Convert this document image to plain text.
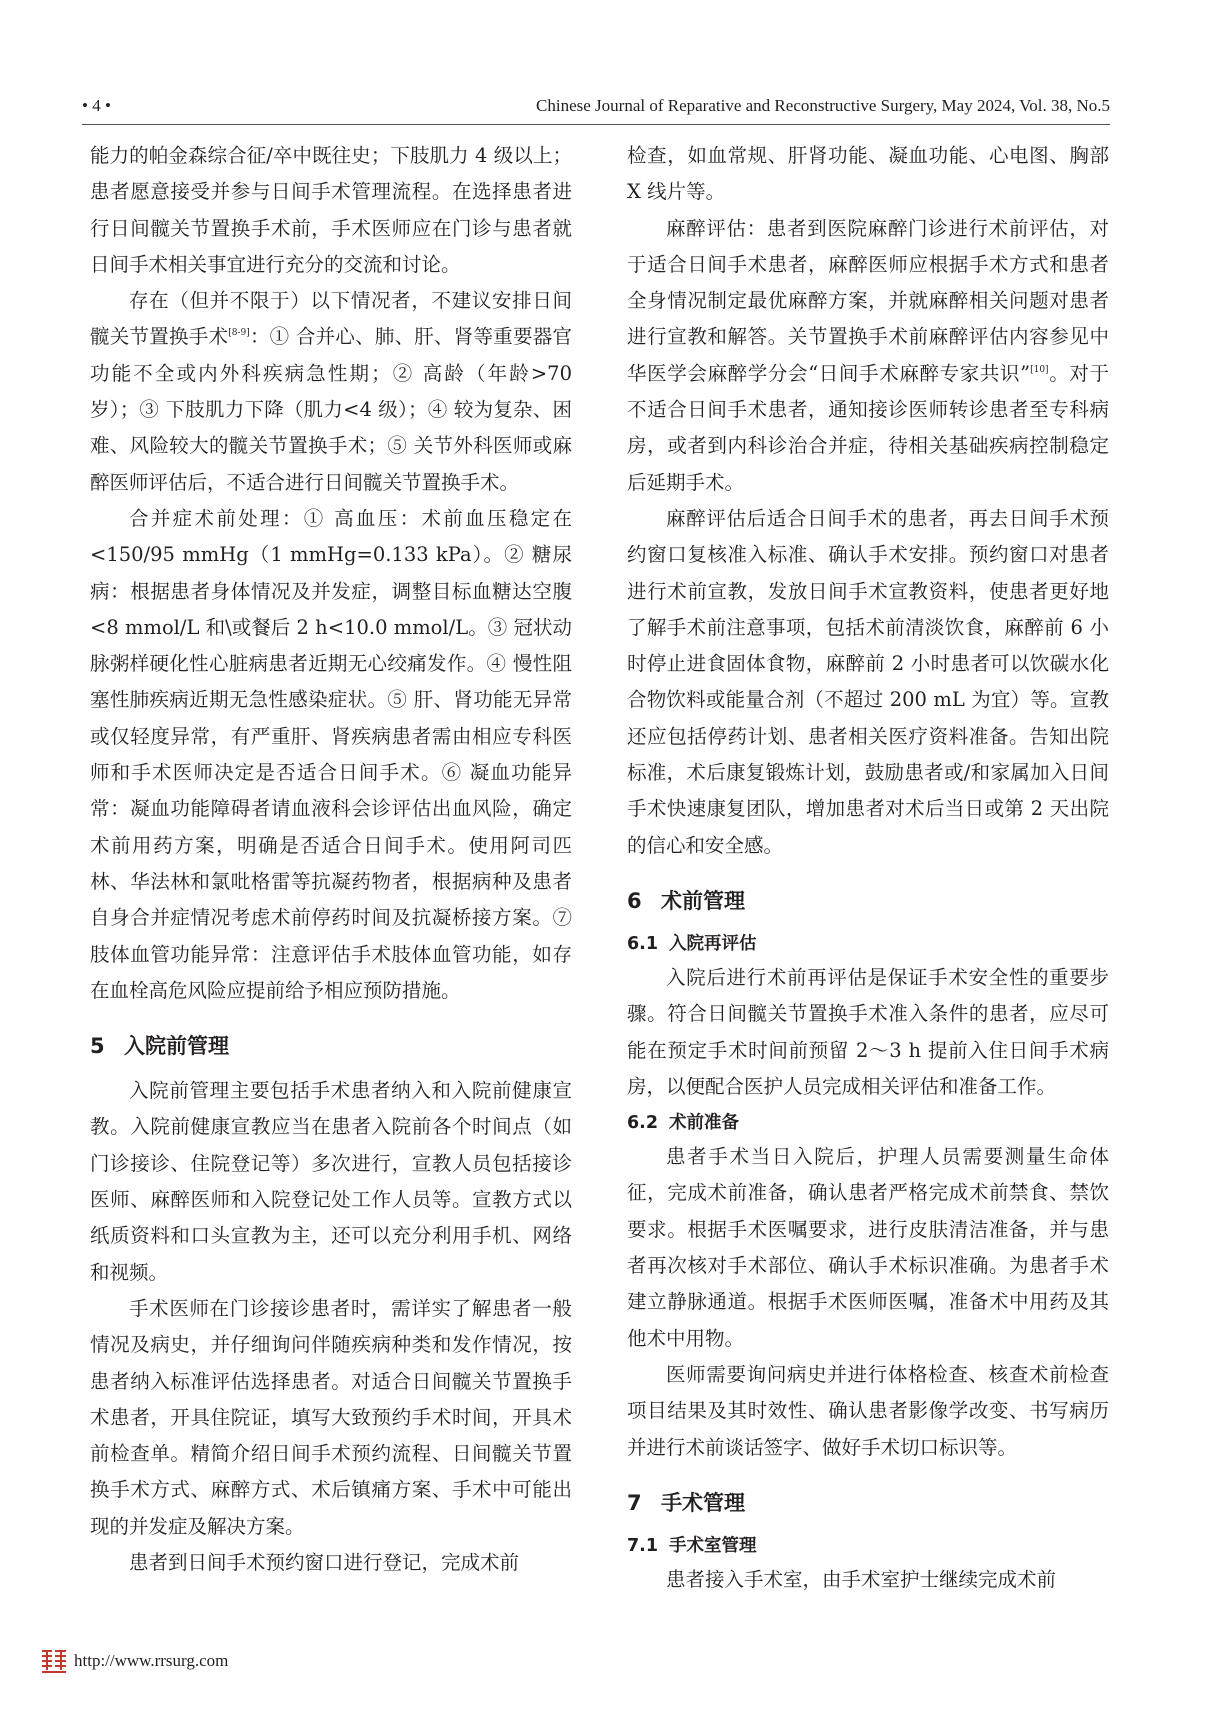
• 4 •	Chinese Journal of Reparative and Reconstructive Surgery, May 2024, Vol. 38, No.5

能力的帕金森综合征/卒中既往史；下肢肌力 4 级以上；患者愿意接受并参与日间手术管理流程。在选择患者进行日间髋关节置换手术前，手术医师应在门诊与患者就日间手术相关事宜进行充分的交流和讨论。

存在（但并不限于）以下情况者，不建议安排日间髋关节置换手术[8-9]：① 合并心、肺、肝、肾等重要器官功能不全或内外科疾病急性期；② 高龄（年龄>70 岁）；③ 下肢肌力下降（肌力<4 级）；④ 较为复杂、困难、风险较大的髋关节置换手术；⑤ 关节外科医师或麻醉医师评估后，不适合进行日间髋关节置换手术。

合并症术前处理：① 高血压：术前血压稳定在<150/95 mmHg（1 mmHg=0.133 kPa）。② 糖尿病：根据患者身体情况及并发症，调整目标血糖达空腹<8 mmol/L 和\或餐后 2 h<10.0 mmol/L。③ 冠状动脉粥样硬化性心脏病患者近期无心绞痛发作。④ 慢性阻塞性肺疾病近期无急性感染症状。⑤ 肝、肾功能无异常或仅轻度异常，有严重肝、肾疾病患者需由相应专科医师和手术医师决定是否适合日间手术。⑥ 凝血功能异常：凝血功能障碍者请血液科会诊评估出血风险，确定术前用药方案，明确是否适合日间手术。使用阿司匹林、华法林和氯吡格雷等抗凝药物者，根据病种及患者自身合并症情况考虑术前停药时间及抗凝桥接方案。⑦ 肢体血管功能异常：注意评估手术肢体血管功能，如存在血栓高危风险应提前给予相应预防措施。

5 入院前管理

入院前管理主要包括手术患者纳入和入院前健康宣教。入院前健康宣教应当在患者入院前各个时间点（如门诊接诊、住院登记等）多次进行，宣教人员包括接诊医师、麻醉医师和入院登记处工作人员等。宣教方式以纸质资料和口头宣教为主，还可以充分利用手机、网络和视频。

手术医师在门诊接诊患者时，需详实了解患者一般情况及病史，并仔细询问伴随疾病种类和发作情况，按患者纳入标准评估选择患者。对适合日间髋关节置换手术患者，开具住院证，填写大致预约手术时间，开具术前检查单。精简介绍日间手术预约流程、日间髋关节置换手术方式、麻醉方式、术后镇痛方案、手术中可能出现的并发症及解决方案。

患者到日间手术预约窗口进行登记，完成术前

检查，如血常规、肝肾功能、凝血功能、心电图、胸部 X 线片等。

麻醉评估：患者到医院麻醉门诊进行术前评估，对于适合日间手术患者，麻醉医师应根据手术方式和患者全身情况制定最优麻醉方案，并就麻醉相关问题对患者进行宣教和解答。关节置换手术前麻醉评估内容参见中华医学会麻醉学分会“日间手术麻醉专家共识”[10]。对于不适合日间手术患者，通知接诊医师转诊患者至专科病房，或者到内科诊治合并症，待相关基础疾病控制稳定后延期手术。

麻醉评估后适合日间手术的患者，再去日间手术预约窗口复核准入标准、确认手术安排。预约窗口对患者进行术前宣教，发放日间手术宣教资料，使患者更好地了解手术前注意事项，包括术前清淡饮食，麻醉前 6 小时停止进食固体食物，麻醉前 2 小时患者可以饮碳水化合物饮料或能量合剂（不超过 200 mL 为宜）等。宣教还应包括停药计划、患者相关医疗资料准备。告知出院标准，术后康复锻炼计划，鼓励患者或/和家属加入日间手术快速康复团队，增加患者对术后当日或第 2 天出院的信心和安全感。

6 术前管理
6.1 入院再评估

入院后进行术前再评估是保证手术安全性的重要步骤。符合日间髋关节置换手术准入条件的患者，应尽可能在预定手术时间前预留 2～3 h 提前入住日间手术病房，以便配合医护人员完成相关评估和准备工作。

6.2 术前准备

患者手术当日入院后，护理人员需要测量生命体征，完成术前准备，确认患者严格完成术前禁食、禁饮要求。根据手术医嘱要求，进行皮肤清洁准备，并与患者再次核对手术部位、确认手术标识准确。为患者手术建立静脉通道。根据手术医师医嘱，准备术中用药及其他术中用物。

医师需要询问病史并进行体格检查、核查术前检查项目结果及其时效性、确认患者影像学改变、书写病历并进行术前谈话签字、做好手术切口标识等。

7 手术管理
7.1 手术室管理

患者接入手术室，由手术室护士继续完成术前

http://www.rrsurg.com
